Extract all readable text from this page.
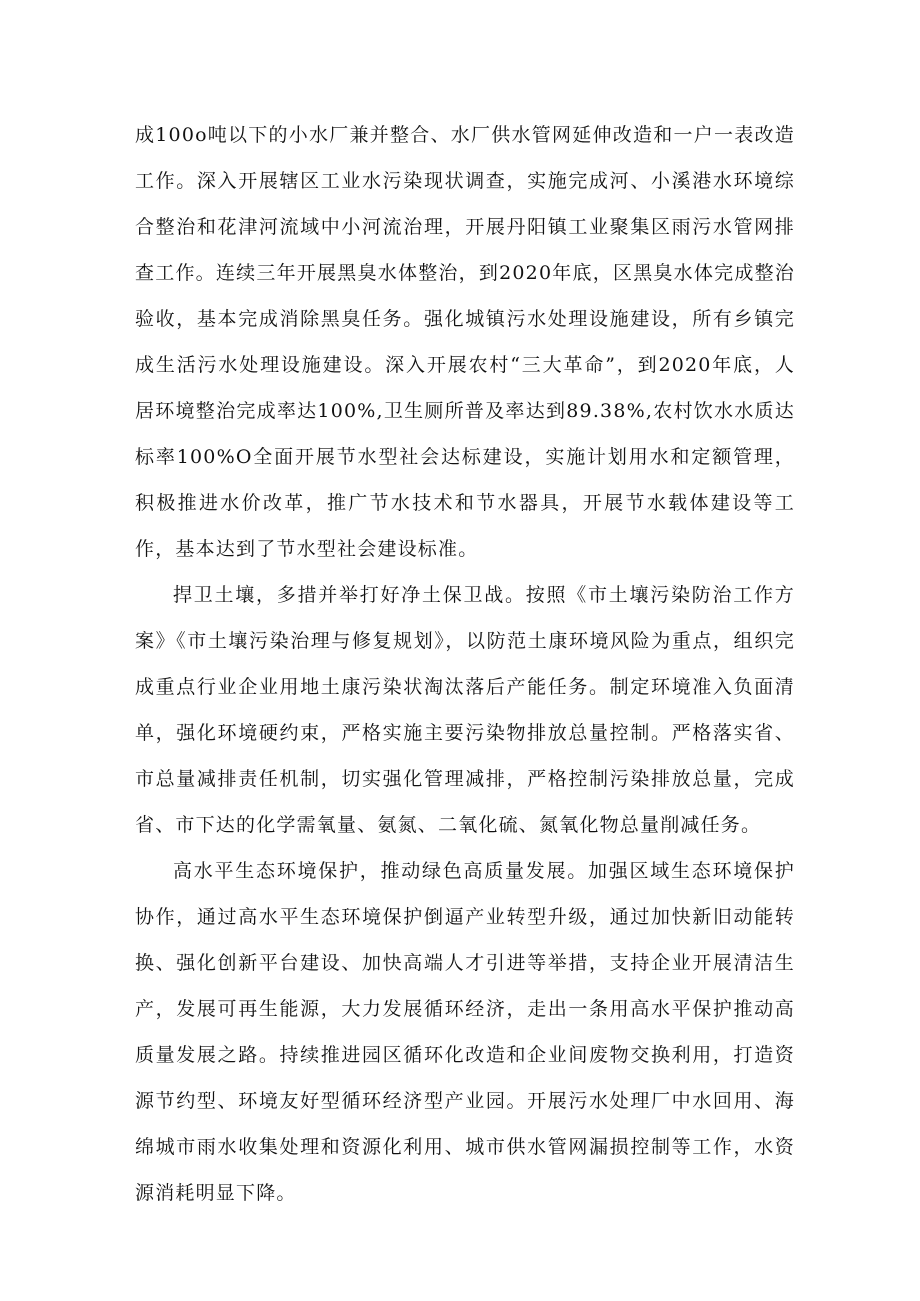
成100o吨以下的小水厂兼并整合、水厂供水管网延伸改造和一户一表改造工作。深入开展辖区工业水污染现状调查，实施完成河、小溪港水环境综合整治和花津河流域中小河流治理，开展丹阳镇工业聚集区雨污水管网排查工作。连续三年开展黑臭水体整治，到2020年底，区黑臭水体完成整治验收，基本完成消除黑臭任务。强化城镇污水处理设施建设，所有乡镇完成生活污水处理设施建设。深入开展农村“三大革命”，到2020年底，人居环境整治完成率达100%,卫生厕所普及率达到89.38%,农村饮水水质达标率100%O全面开展节水型社会达标建设，实施计划用水和定额管理，积极推进水价改革，推广节水技术和节水器具，开展节水载体建设等工作，基本达到了节水型社会建设标准。

捍卫土壤，多措并举打好净土保卫战。按照《市土壤污染防治工作方案》《市土壤污染治理与修复规划》，以防范土康环境风险为重点，组织完成重点行业企业用地土康污染状淘汰落后产能任务。制定环境准入负面清单，强化环境硬约束，严格实施主要污染物排放总量控制。严格落实省、市总量减排责任机制，切实强化管理减排，严格控制污染排放总量，完成省、市下达的化学需氧量、氨氮、二氧化硫、氮氧化物总量削减任务。

高水平生态环境保护，推动绿色高质量发展。加强区域生态环境保护协作，通过高水平生态环境保护倒逼产业转型升级，通过加快新旧动能转换、强化创新平台建设、加快高端人才引进等举措，支持企业开展清洁生产，发展可再生能源，大力发展循环经济，走出一条用高水平保护推动高质量发展之路。持续推进园区循环化改造和企业间废物交换利用，打造资源节约型、环境友好型循环经济型产业园。开展污水处理厂中水回用、海绵城市雨水收集处理和资源化利用、城市供水管网漏损控制等工作，水资源消耗明显下降。
